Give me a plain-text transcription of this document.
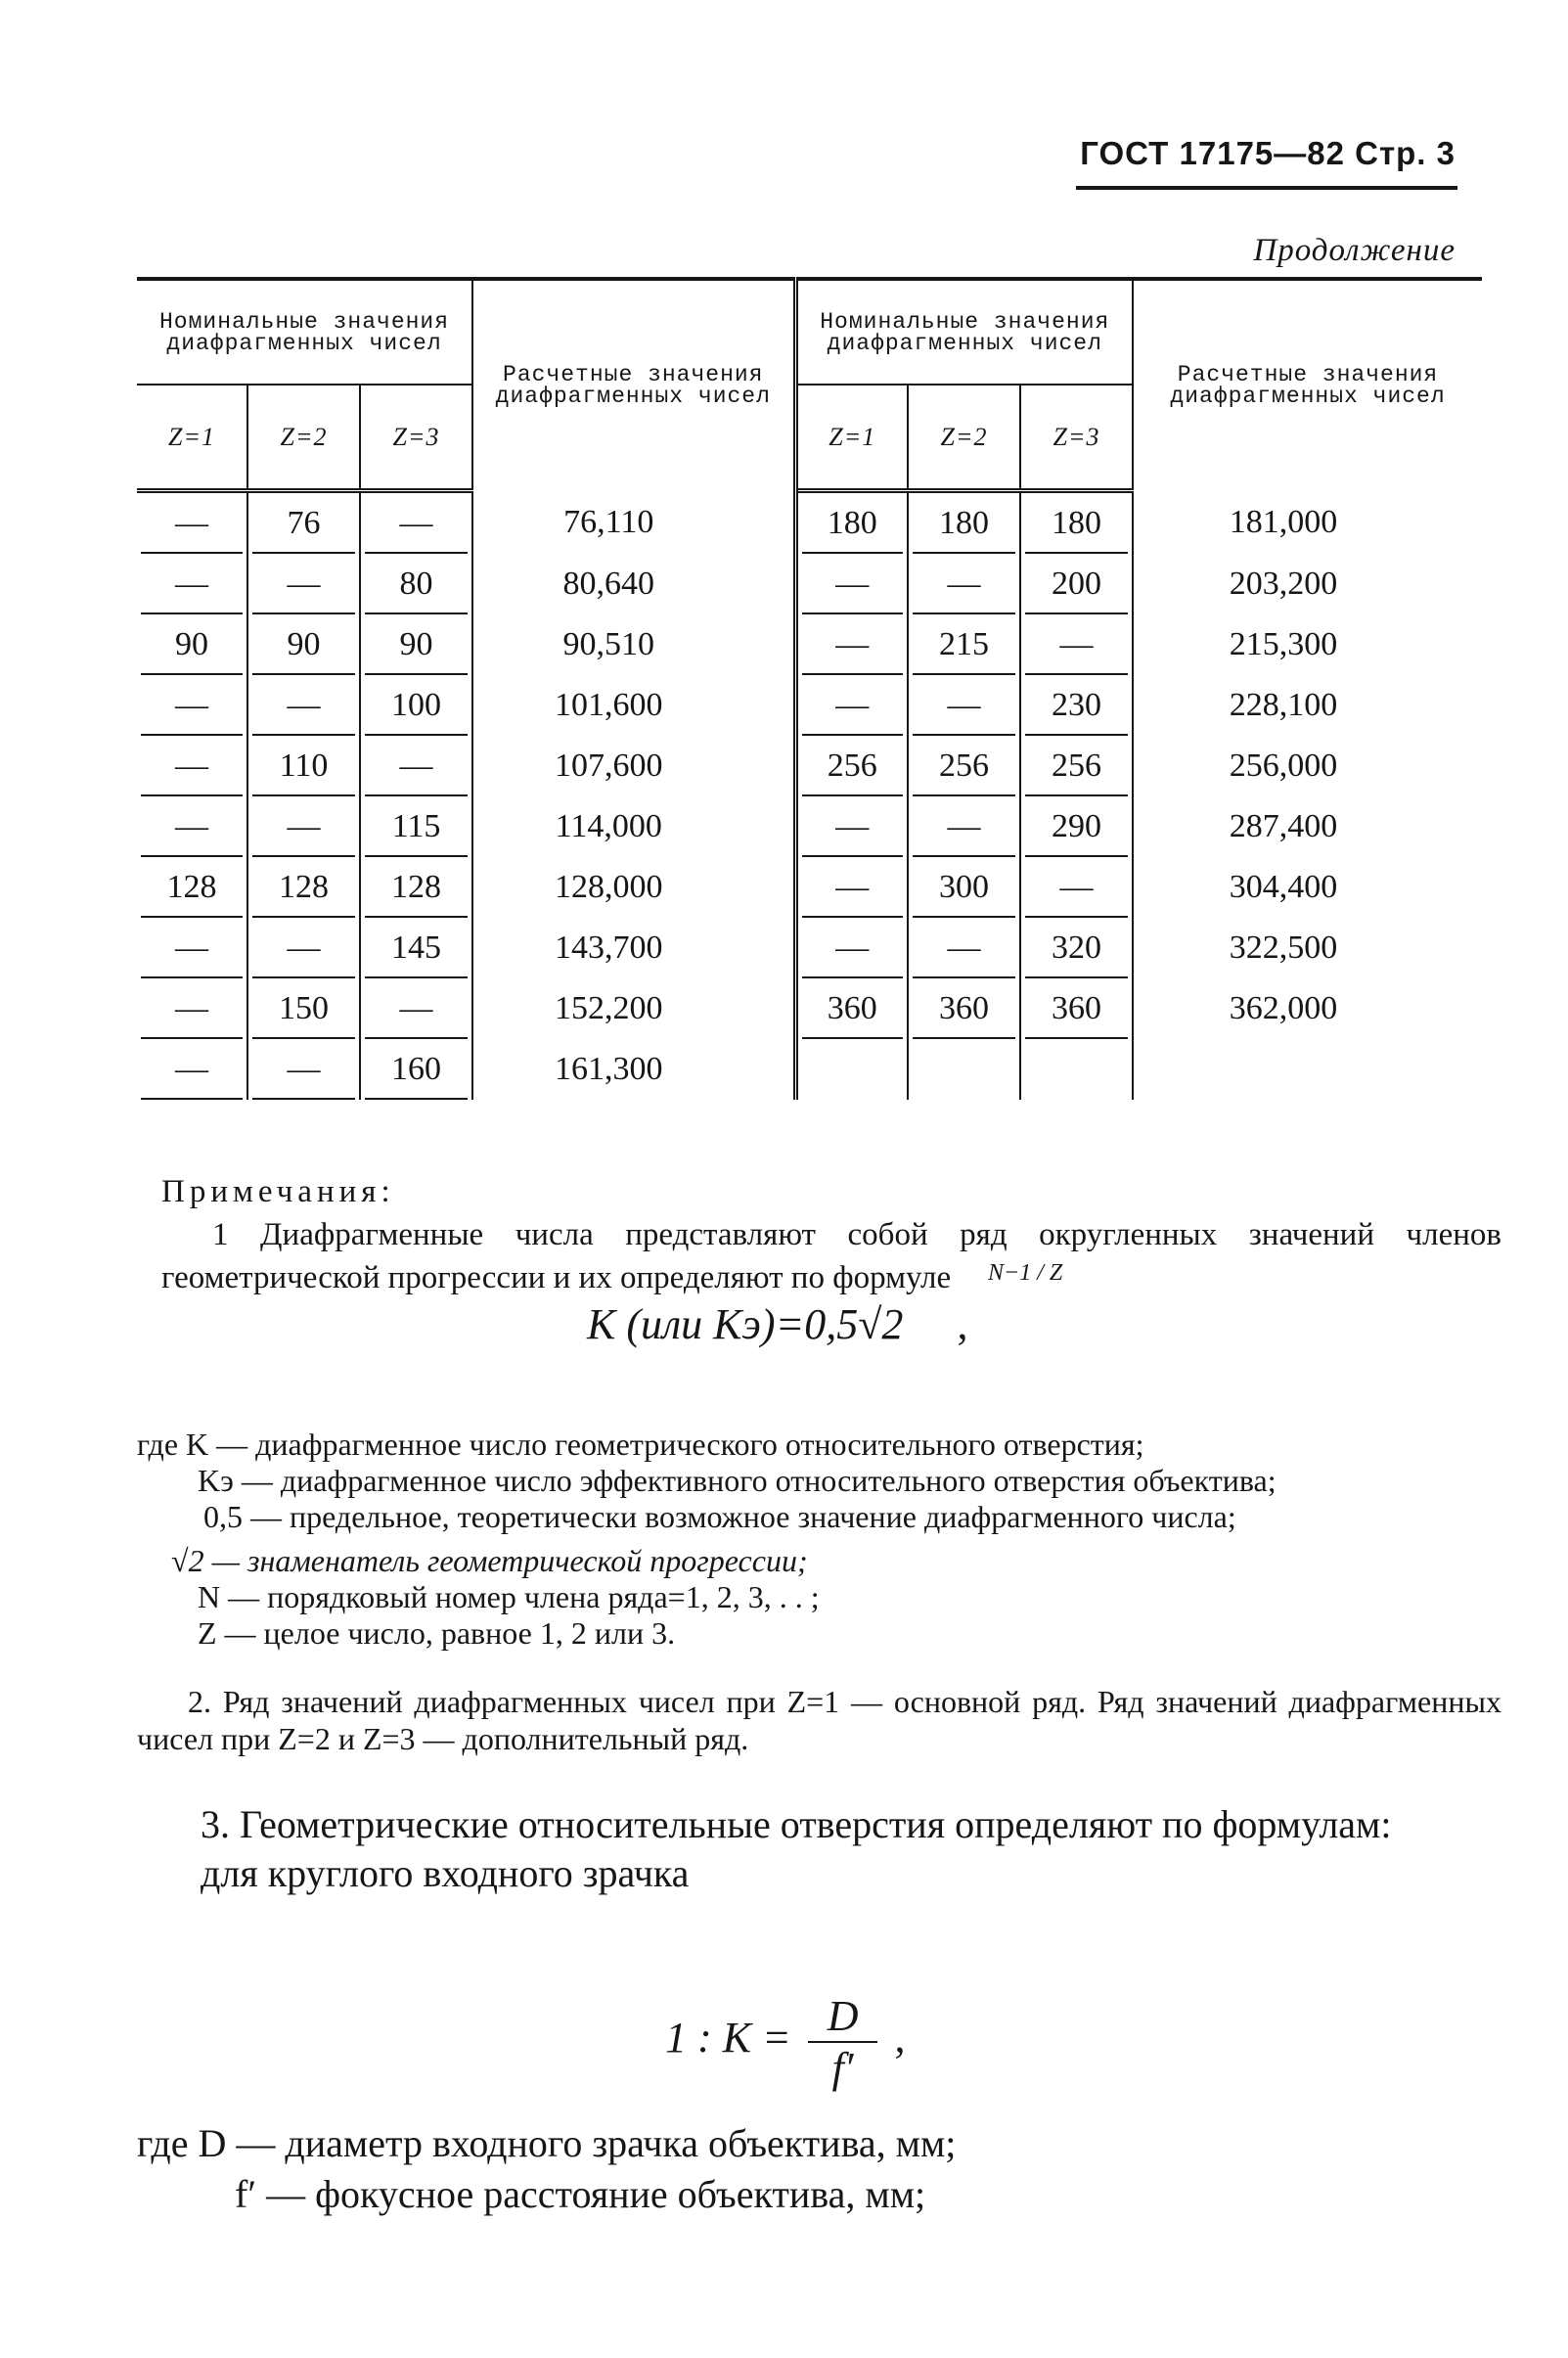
ГОСТ 17175—82 Стр. 3
Продолжение
Номинальные значения диафрагменных чисел			Расчетные значения диафрагменных чисел	Номинальные значения диафрагменных чисел			Расчетные значения диафрагменных чисел
Z=1	Z=2	Z=3		Z=1	Z=2	Z=3	
—	76	—	76,110	180	180	180	181,000
—	—	80	80,640	—	—	200	203,200
90	90	90	90,510	—	215	—	215,300
—	—	100	101,600	—	—	230	228,100
—	110	—	107,600	256	256	256	256,000
—	—	115	114,000	—	—	290	287,400
128	128	128	128,000	—	300	—	304,400
—	—	145	143,700	—	—	320	322,500
—	150	—	152,200	360	360	360	362,000
—	—	160	161,300				
Примечания:

1 Диафрагменные числа представляют собой ряд округленных значений членов геометрической прогрессии и их определяют по формуле

K (или Kэ)=0,5√2
N−1 / Z
,
где K — диафрагменное число геометрического относительного отверстия;
Kэ — диафрагменное число эффективного относительного отверстия объектива;
0,5 — предельное, теоретически возможное значение диафрагменного числа;
√2 — знаменатель геометрической прогрессии;
N — порядковый номер члена ряда=1, 2, 3, . . ;
Z — целое число, равное 1, 2 или 3.
2. Ряд значений диафрагменных чисел при Z=1 — основной ряд. Ряд значений диафрагменных чисел при Z=2 и Z=3 — дополнительный ряд.

3. Геометрические относительные отверстия определяют по формулам:

для круглого входного зрачка

1 : $K = \frac{D}{f'}$ ,
где D — диаметр входного зрачка объектива, мм;
f′ — фокусное расстояние объектива, мм;
